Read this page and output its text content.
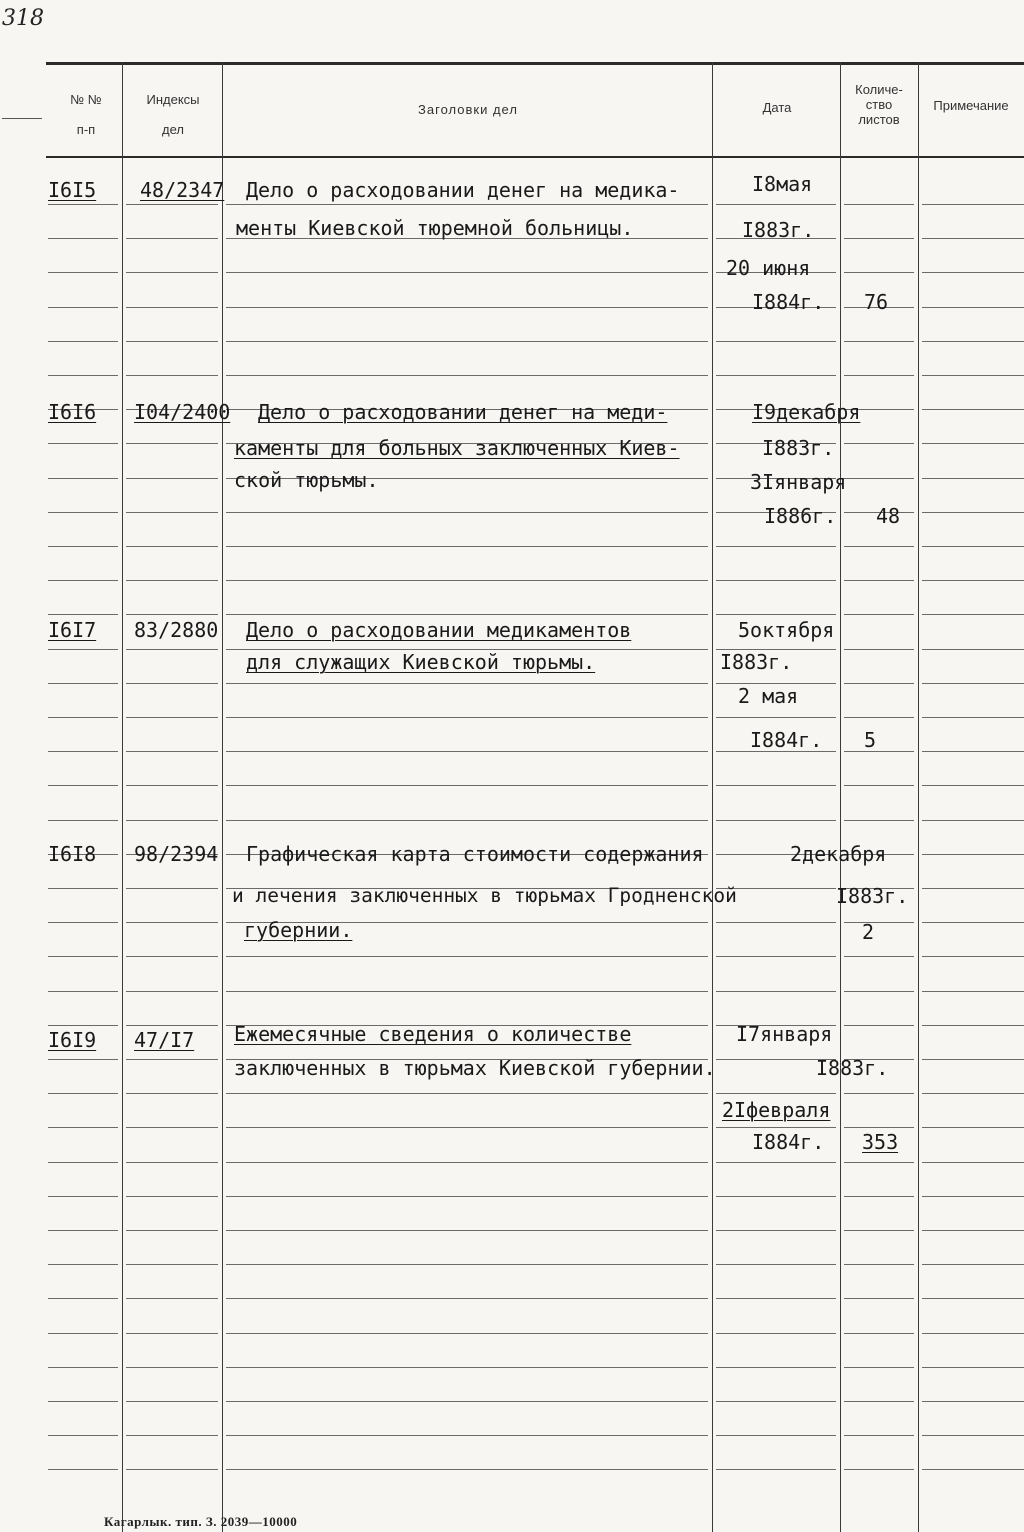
318
№ №
п-п
Индексы
дел
Заголовки дел	Дата
Количе-
ство
листов
Примечание
I6I5 48/2347 Дело о расходовании денег на медика-
менты Киевской тюремной больницы.
I8мая
I883г.
20 июня
I884г. 76
I6I6 I04/2400 Дело о расходовании денег на меди-
каменты для больных заключенных Киев-
ской тюрьмы.
I9декабря
I883г.
3Iянваря
I886г. 48
I6I7 83/2880 Дело о расходовании медикаментов
для служащих Киевской тюрьмы.
5октября
I883г.
2 мая
I884г. 5
I6I8 98/2394 Графическая карта стоимости содержания
и лечения заключенных в тюрьмах Гродненской
губернии.
2декабря
I883г.
2
I6I9 47/I7 Ежемесячные сведения о количестве
заключенных в тюрьмах Киевской губернии.
I7января
I883г.
2Iфевраля
I884г. 353
Кагарлык. тип. З. 2039—10000
